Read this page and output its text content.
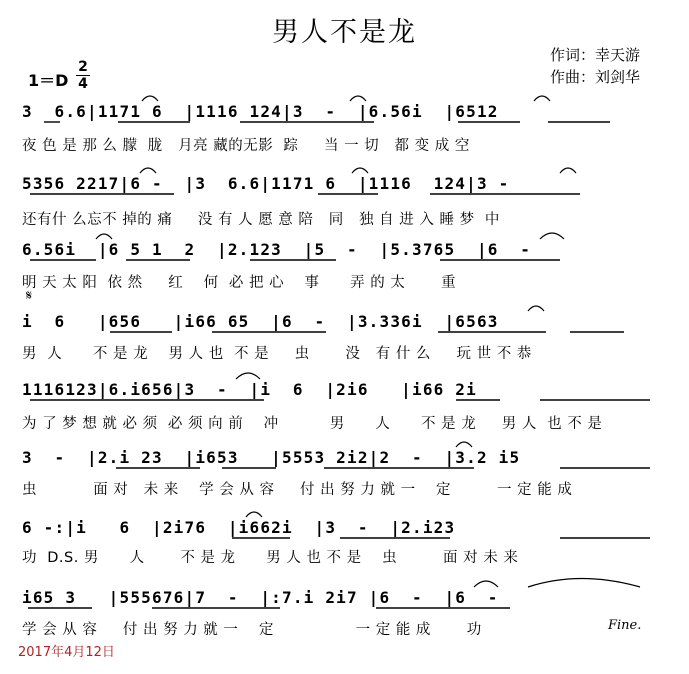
男人不是龙
作词：幸天游
作曲：刘剑华
1＝D
2
4
3  6.6|1171 6  |1116 124|3  -  |6.56i  |6512
夜 色 是 那 么 朦  胧   月亮 藏的无影  踪     当 一 切   都 变 成 空
5356 2217|6 -  |3  6.6|1171 6  |1116  124|3 -
还有什 么忘不 掉的 痛     没 有 人 愿 意 陪   同   独 自 进 入 睡 梦  中
6.56i  |6 5 1  2  |2.123  |5  -  |5.3765  |6  -
明 天 太 阳  依 然     红    何  必 把 心    事      弄 的 太       重
𝄋
i  6   |656   |i66 65  |6  -  |3.336i  |6563
男  人      不 是 龙    男 人 也  不 是     虫       没   有 什 么     玩 世 不 恭
1116123|6.i656|3  -  |i  6  |2i6   |i66 2i
为 了 梦 想 就 必 须  必 须 向 前    冲          男      人      不 是 龙     男 人  也 不 是
3  -  |2.i 23  |i653   |5553 2i2|2  -  |3.2 i5
虫           面 对   未 来    学 会 从 容     付 出 努 力 就 一    定         一 定 能 成
6 -:|i   6  |2i76  |i662i  |3  -  |2.i23
功  D.S. 男      人       不 是 龙      男 人 也 不 是    虫         面 对 未 来
i65 3   |555676|7  -  |:7.i 2i7 |6  -  |6  -
学 会 从 容     付 出 努 力 就 一    定                一 定 能 成       功	Fine.
2017年4月12日
